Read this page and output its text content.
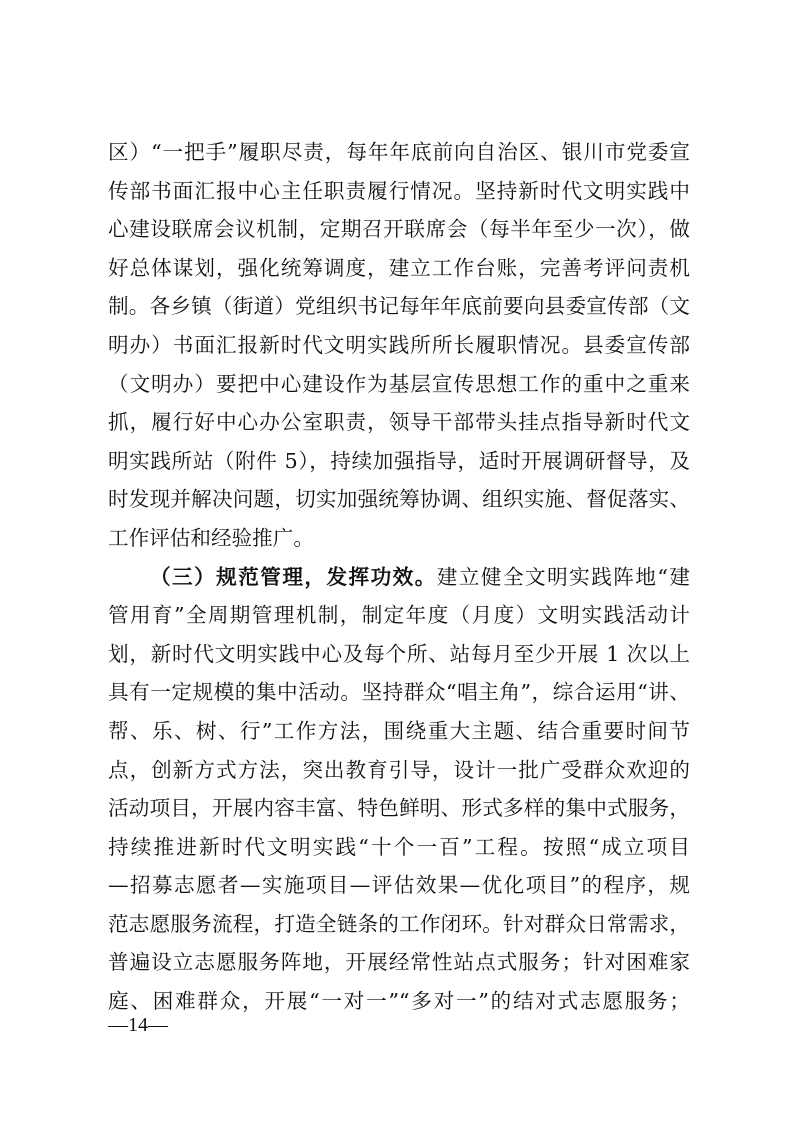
区）“一把手”履职尽责，每年年底前向自治区、银川市党委宣
传部书面汇报中心主任职责履行情况。坚持新时代文明实践中
心建设联席会议机制，定期召开联席会（每半年至少一次），做
好总体谋划，强化统筹调度，建立工作台账，完善考评问责机
制。各乡镇（街道）党组织书记每年年底前要向县委宣传部（文
明办）书面汇报新时代文明实践所所长履职情况。县委宣传部
（文明办）要把中心建设作为基层宣传思想工作的重中之重来
抓，履行好中心办公室职责，领导干部带头挂点指导新时代文
明实践所站（附件 5），持续加强指导，适时开展调研督导，及
时发现并解决问题，切实加强统筹协调、组织实施、督促落实、
工作评估和经验推广。
（三）规范管理，发挥功效。建立健全文明实践阵地“建
管用育”全周期管理机制，制定年度（月度）文明实践活动计
划，新时代文明实践中心及每个所、站每月至少开展 1 次以上
具有一定规模的集中活动。坚持群众“唱主角”，综合运用“讲、
帮、乐、树、行”工作方法，围绕重大主题、结合重要时间节
点，创新方式方法，突出教育引导，设计一批广受群众欢迎的
活动项目，开展内容丰富、特色鲜明、形式多样的集中式服务，
持续推进新时代文明实践“十个一百”工程。按照“成立项目
—招募志愿者—实施项目—评估效果—优化项目”的程序，规
范志愿服务流程，打造全链条的工作闭环。针对群众日常需求，
普遍设立志愿服务阵地，开展经常性站点式服务；针对困难家
庭、困难群众，开展“一对一”“多对一”的结对式志愿服务；
—14—
